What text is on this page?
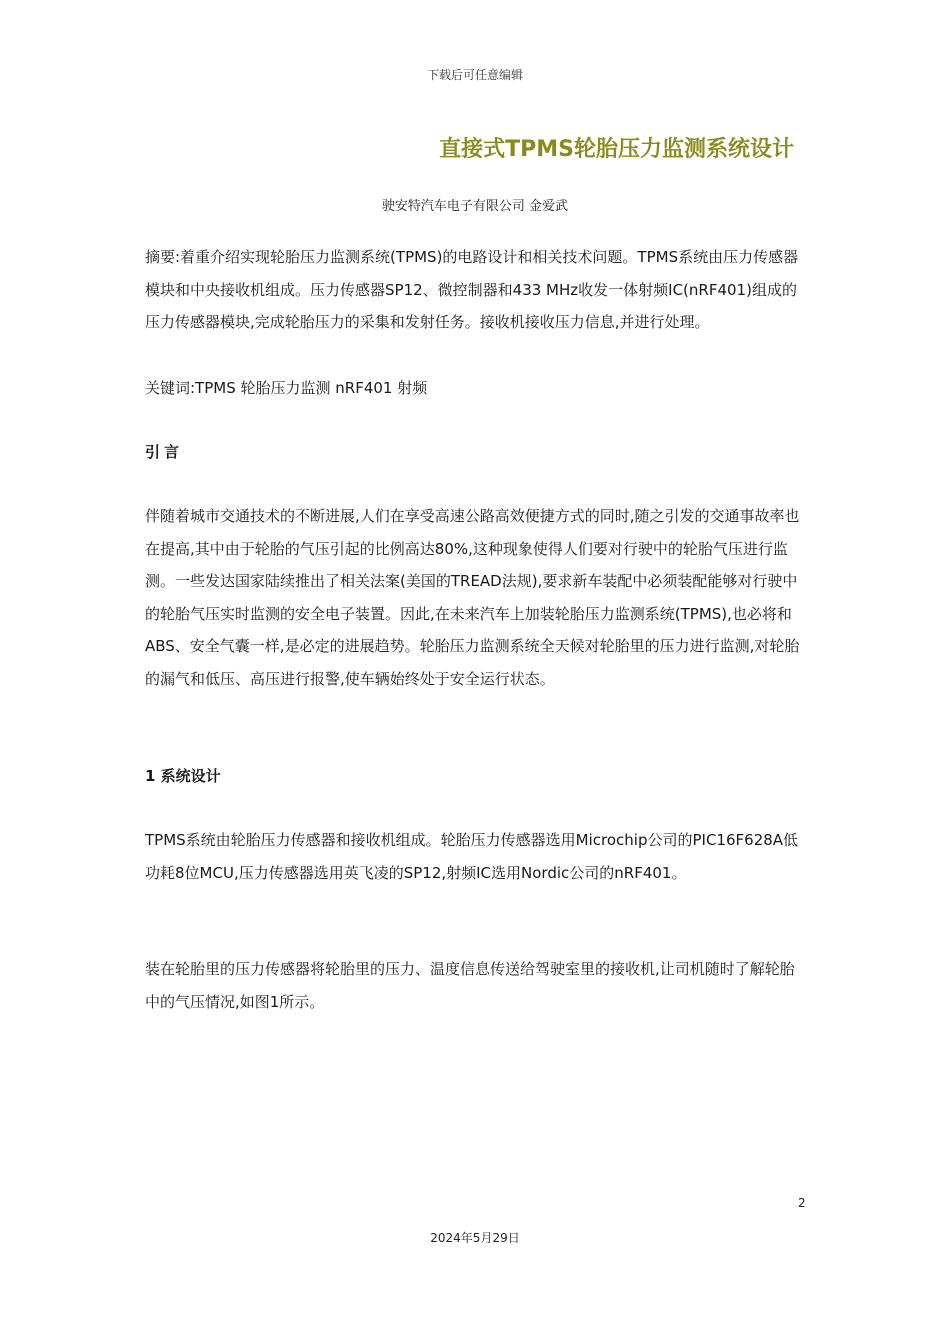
下载后可任意编辑
直接式TPMS轮胎压力监测系统设计
驶安特汽车电子有限公司 金爱武
摘要:着重介绍实现轮胎压力监测系统(TPMS)的电路设计和相关技术问题。TPMS系统由压力传感器模块和中央接收机组成。压力传感器SP12、微控制器和433 MHz收发一体射频IC(nRF401)组成的压力传感器模块,完成轮胎压力的采集和发射任务。接收机接收压力信息,并进行处理。
关键词:TPMS 轮胎压力监测 nRF401 射频
引言
伴随着城市交通技术的不断进展,人们在享受高速公路高效便捷方式的同时,随之引发的交通事故率也在提高,其中由于轮胎的气压引起的比例高达80%,这种现象使得人们要对行驶中的轮胎气压进行监测。一些发达国家陆续推出了相关法案(美国的TREAD法规),要求新车装配中必须装配能够对行驶中的轮胎气压实时监测的安全电子装置。因此,在未来汽车上加装轮胎压力监测系统(TPMS),也必将和ABS、安全气囊一样,是必定的进展趋势。轮胎压力监测系统全天候对轮胎里的压力进行监测,对轮胎的漏气和低压、高压进行报警,使车辆始终处于安全运行状态。
1 系统设计
TPMS系统由轮胎压力传感器和接收机组成。轮胎压力传感器选用Microchip公司的PIC16F628A低功耗8位MCU,压力传感器选用英飞凌的SP12,射频IC选用Nordic公司的nRF401。
装在轮胎里的压力传感器将轮胎里的压力、温度信息传送给驾驶室里的接收机,让司机随时了解轮胎中的气压情况,如图1所示。
2
2024年5月29日
